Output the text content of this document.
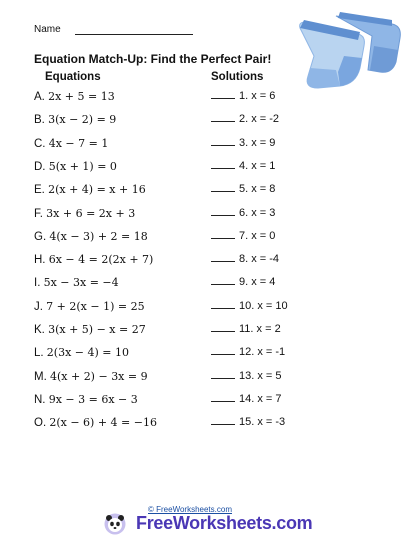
Name
Equation Match-Up: Find the Perfect Pair!
Equations	Solutions
A. 2x + 5 = 13	1. x = 6
B. 3(x − 2) = 9	2. x = -2
C. 4x − 7 = 1	3. x = 9
D. 5(x + 1) = 0	4. x = 1
E. 2(x + 4) = x + 16	5. x = 8
F. 3x + 6 = 2x + 3	6. x = 3
G. 4(x − 3) + 2 = 18	7. x = 0
H. 6x − 4 = 2(2x + 7)	8. x = -4
I. 5x − 3x = −4	9. x = 4
J. 7 + 2(x − 1) = 25	10. x = 10
K. 3(x + 5) − x = 27	11. x = 2
L. 2(3x − 4) = 10	12. x = -1
M. 4(x + 2) − 3x = 9	13. x = 5
N. 9x − 3 = 6x − 3	14. x = 7
O. 2(x − 6) + 4 = −16	15. x = -3
© FreeWorksheets.com
FreeWorksheets.com
